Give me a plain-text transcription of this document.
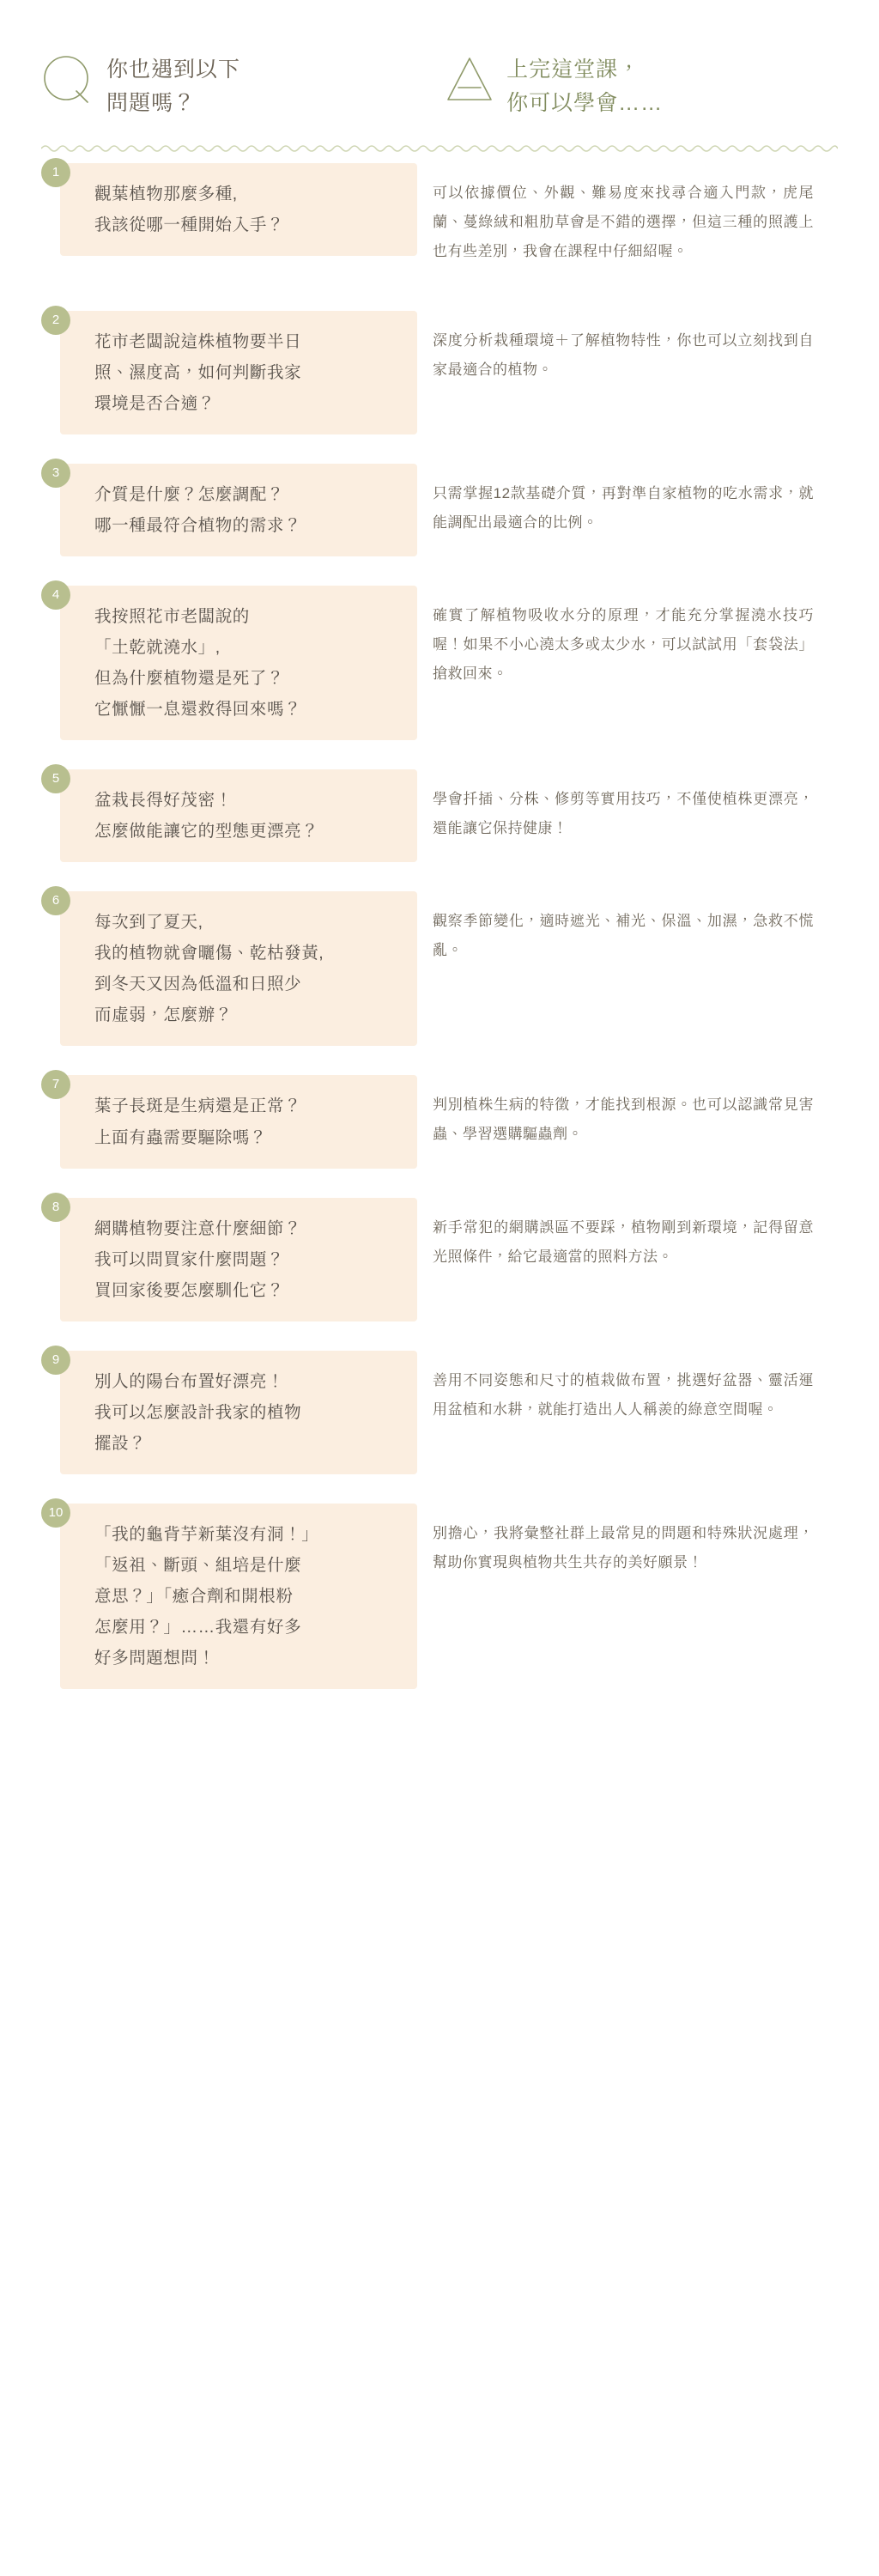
你也遇到以下
問題嗎？
上完這堂課，
你可以學會……
1
觀葉植物那麼多種,
我該從哪一種開始入手？

可以依據價位、外觀、難易度來找尋合適入門款，虎尾蘭、蔓綠絨和粗肋草會是不錯的選擇，但這三種的照護上也有些差別，我會在課程中仔細紹喔。

2
花市老闆說這株植物要半日
照、濕度高，如何判斷我家
環境是否合適？

深度分析栽種環境＋了解植物特性，你也可以立刻找到自家最適合的植物。

3
介質是什麼？怎麼調配？
哪一種最符合植物的需求？

只需掌握12款基礎介質，再對準自家植物的吃水需求，就能調配出最適合的比例。

4
我按照花市老闆說的
「土乾就澆水」,
但為什麼植物還是死了？
它懨懨一息還救得回來嗎？

確實了解植物吸收水分的原理，才能充分掌握澆水技巧喔！如果不小心澆太多或太少水，可以試試用「套袋法」搶救回來。

5
盆栽長得好茂密！
怎麼做能讓它的型態更漂亮？

學會扦插、分株、修剪等實用技巧，不僅使植株更漂亮，還能讓它保持健康！

6
每次到了夏天,
我的植物就會曬傷、乾枯發黃,
到冬天又因為低溫和日照少
而虛弱，怎麼辦？

觀察季節變化，適時遮光、補光、保溫、加濕，急救不慌亂。

7
葉子長斑是生病還是正常？
上面有蟲需要驅除嗎？

判別植株生病的特徵，才能找到根源。也可以認識常見害蟲、學習選購驅蟲劑。

8
網購植物要注意什麼細節？
我可以問買家什麼問題？
買回家後要怎麼馴化它？

新手常犯的網購誤區不要踩，植物剛到新環境，記得留意光照條件，給它最適當的照料方法。

9
別人的陽台布置好漂亮！
我可以怎麼設計我家的植物
擺設？

善用不同姿態和尺寸的植栽做布置，挑選好盆器、靈活運用盆植和水耕，就能打造出人人稱羨的綠意空間喔。

10
「我的龜背芋新葉沒有洞！」
「返祖、斷頭、組培是什麼
意思？」「癒合劑和開根粉
怎麼用？」……我還有好多
好多問題想問！

別擔心，我將彙整社群上最常見的問題和特殊狀況處理，幫助你實現與植物共生共存的美好願景！
